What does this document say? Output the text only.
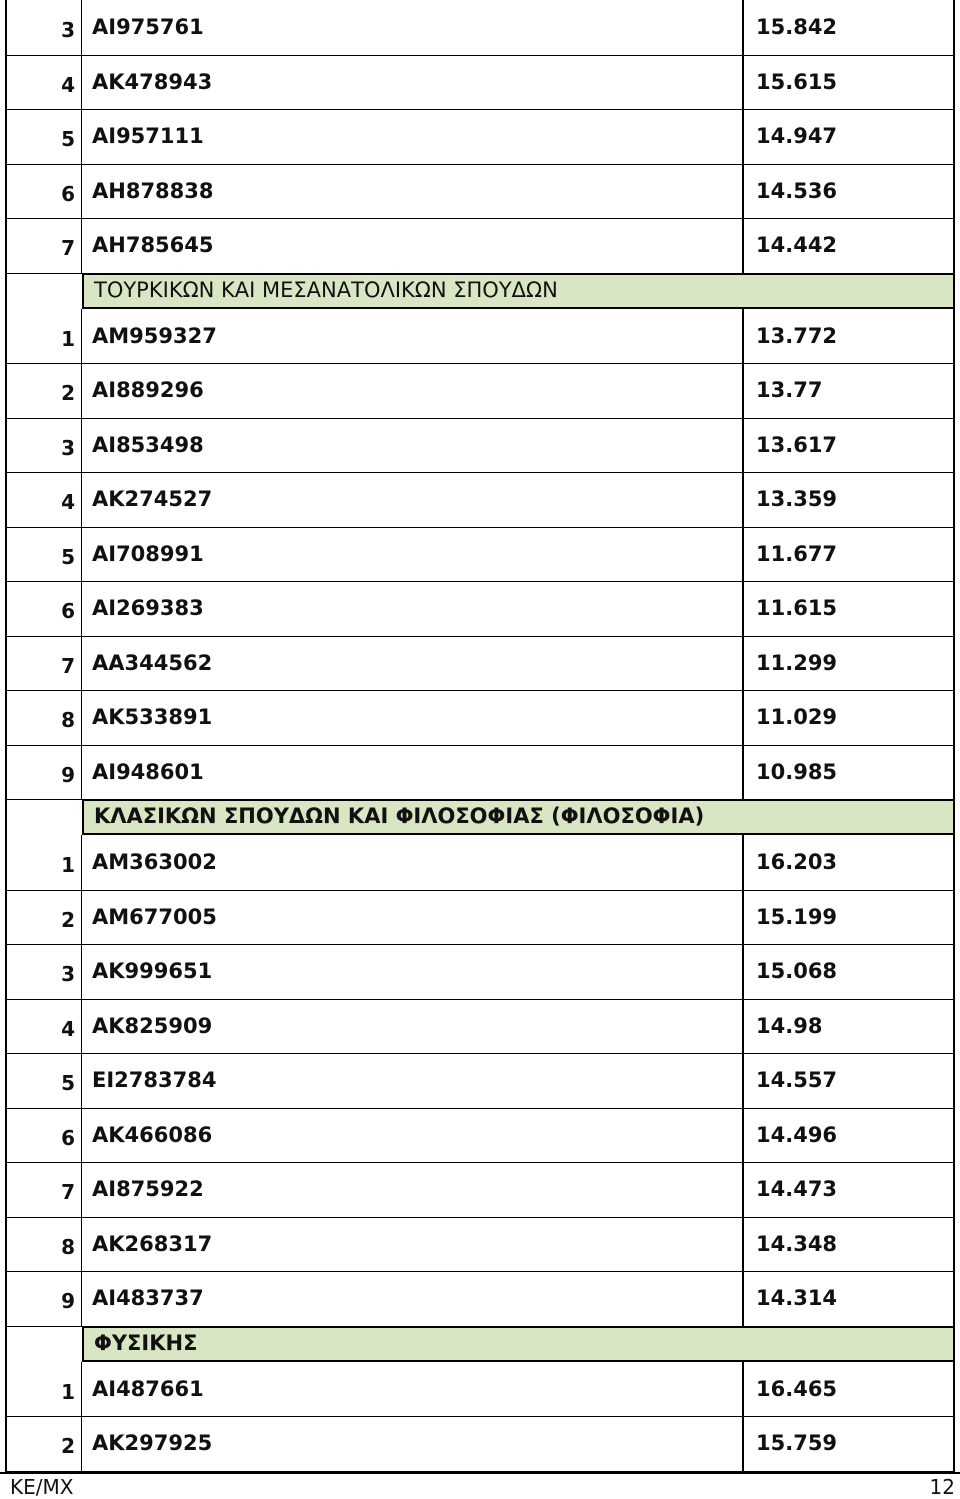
3 ΑΙ975761	15.842
4 ΑΚ478943	15.615
5 ΑΙ957111	14.947
6 ΑΗ878838	14.536
7 ΑΗ785645	14.442
ΤΟΥΡΚΙΚΩΝ ΚΑΙ ΜΕΣΑΝΑΤΟΛΙΚΩΝ ΣΠΟΥΔΩΝ
1 ΑΜ959327	13.772
2 ΑΙ889296	13.77
3 ΑΙ853498	13.617
4 ΑΚ274527	13.359
5 ΑΙ708991	11.677
6 ΑΙ269383	11.615
7 ΑΑ344562	11.299
8 ΑΚ533891	11.029
9 ΑΙ948601	10.985
ΚΛΑΣΙΚΩΝ ΣΠΟΥΔΩΝ ΚΑΙ ΦΙΛΟΣΟΦΙΑΣ (ΦΙΛΟΣΟΦΙΑ)
1 ΑΜ363002	16.203
2 ΑΜ677005	15.199
3 ΑΚ999651	15.068
4 ΑΚ825909	14.98
5 ΕΙ2783784	14.557
6 ΑΚ466086	14.496
7 ΑΙ875922	14.473
8 ΑΚ268317	14.348
9 ΑΙ483737	14.314
ΦΥΣΙΚΗΣ
1 ΑΙ487661	16.465
2 ΑΚ297925	15.759
ΚΕ/ΜΧ	12
